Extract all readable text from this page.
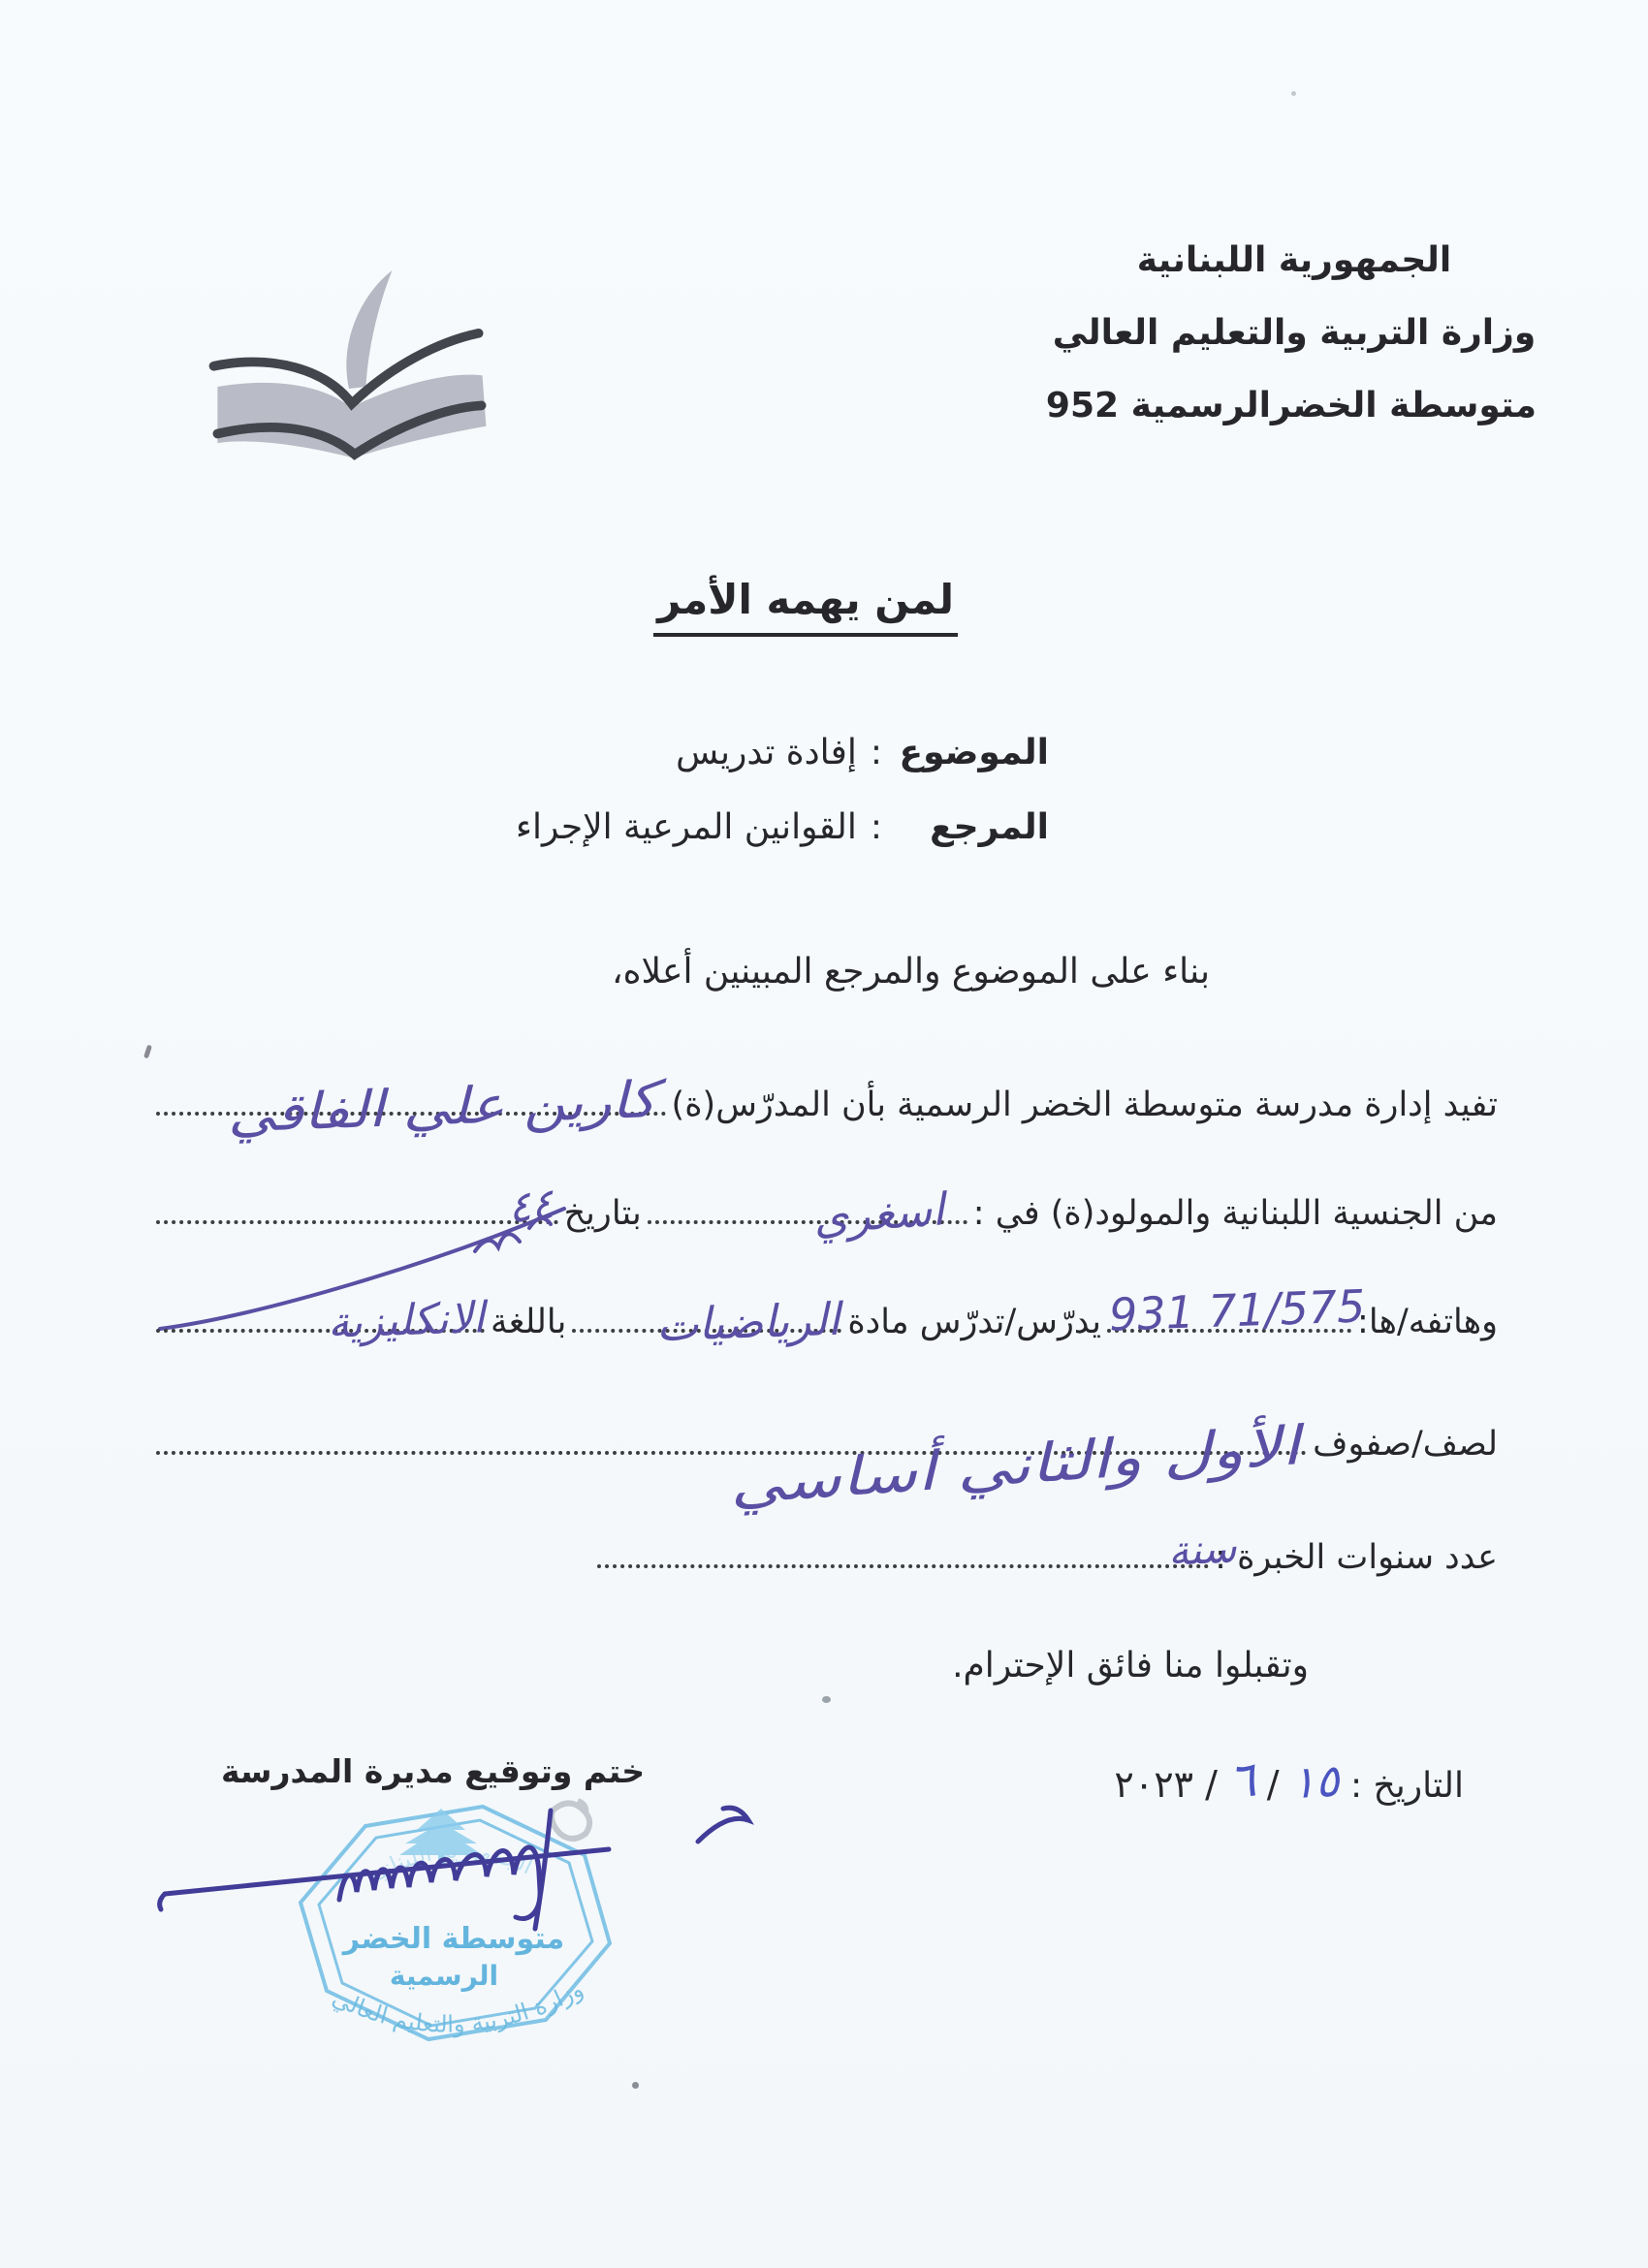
الجمهورية اللبنانية
وزارة التربية والتعليم العالي
متوسطة الخضرالرسمية 952
لمن يهمه الأمر
الموضوع
:
إفادة تدريس
المرجع
:
القوانين المرعية الإجراء
بناء على الموضوع والمرجع المبينين أعلاه،
تفيد إدارة مدرسة متوسطة الخضر الرسمية بأن المدرّس(ة)
كارين علي الفاقي
من الجنسية اللبنانية والمولود(ة) في :
اسغري
بتاريخ
٤٤
وهاتفه/ها:
71/575 931
يدرّس/تدرّس مادة
الرياضيات
باللغة
الانكليزية
لصف/صفوف
الأول والثاني أساسي
عدد سنوات الخبرة :
سنة
وتقبلوا منا فائق الإحترام.
التاريخ :
١٥
/
٦
/
٢٠٢٣
ختم وتوقيع مديرة المدرسة
متوسطة الخضر
الرسمية
الجمهورية اللبنانية
وزارة التربية والتعليم العالي
